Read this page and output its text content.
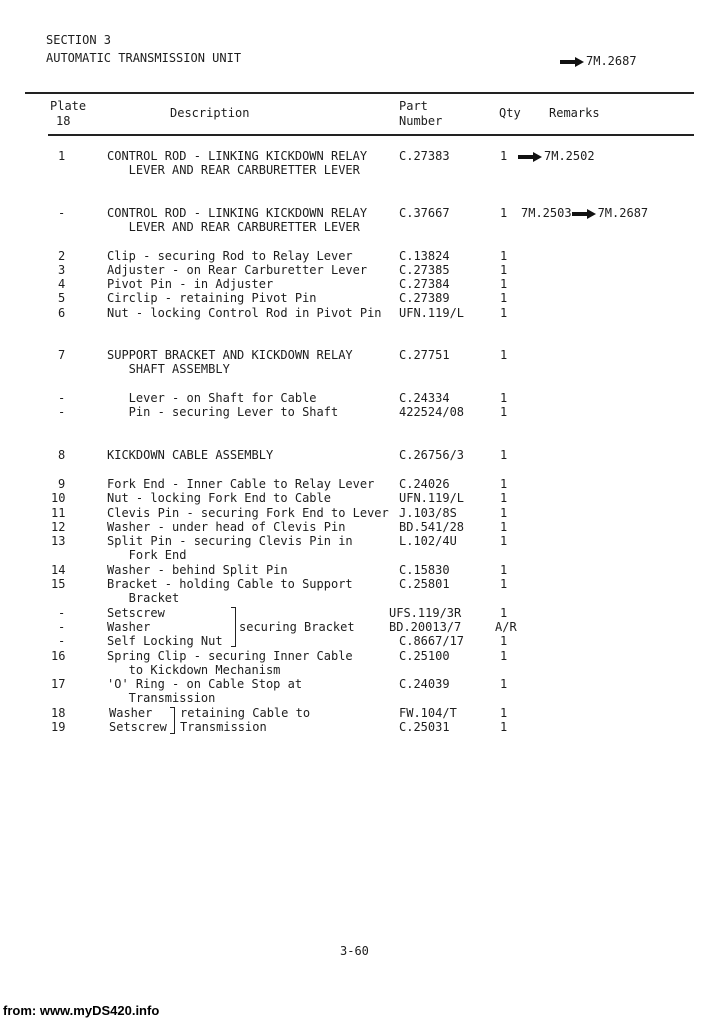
SECTION 3
AUTOMATIC TRANSMISSION UNIT	7M.2687
Plate
18
Description	Part
Number
Qty Remarks
1	CONTROL ROD - LINKING KICKDOWN RELAY
LEVER AND REAR CARBURETTER LEVER
C.27383	1	7M.2502
-	CONTROL ROD - LINKING KICKDOWN RELAY
LEVER AND REAR CARBURETTER LEVER
C.37667	1 7M.2503 7M.2687
2	Clip - securing Rod to Relay Lever	C.13824	1
3	Adjuster - on Rear Carburetter Lever	C.27385	1
4	Pivot Pin - in Adjuster	C.27384	1
5	Circlip - retaining Pivot Pin	C.27389	1
6	Nut - locking Control Rod in Pivot Pin UFN.119/L	1
7	SUPPORT BRACKET AND KICKDOWN RELAY
SHAFT ASSEMBLY
C.27751	1
-	Lever - on Shaft for Cable	C.24334	1
-	Pin - securing Lever to Shaft	422524/08	1
8	KICKDOWN CABLE ASSEMBLY	C.26756/3	1
9	Fork End - Inner Cable to Relay Lever C.24026	1
10	Nut - locking Fork End to Cable	UFN.119/L	1
11	Clevis Pin - securing Fork End to Lever J.103/8S	1
12	Washer - under head of Clevis Pin	BD.541/28	1
13	Split Pin - securing Clevis Pin in
Fork End
L.102/4U	1
14	Washer - behind Split Pin	C.15830	1
15	Bracket - holding Cable to Support
Bracket
C.25801	1
-	Setscrew	UFS.119/3R	1
-	Washer	BD.20013/7	A/R
-	Self Locking Nut	C.8667/17	1
securing Bracket
16	Spring Clip - securing Inner Cable
to Kickdown Mechanism
C.25100	1
17	'O' Ring - on Cable Stop at
Transmission
C.24039	1
18	Washer	FW.104/T	1
19	Setscrew	C.25031	1
retaining Cable to
Transmission
3-60
from: www.myDS420.info
